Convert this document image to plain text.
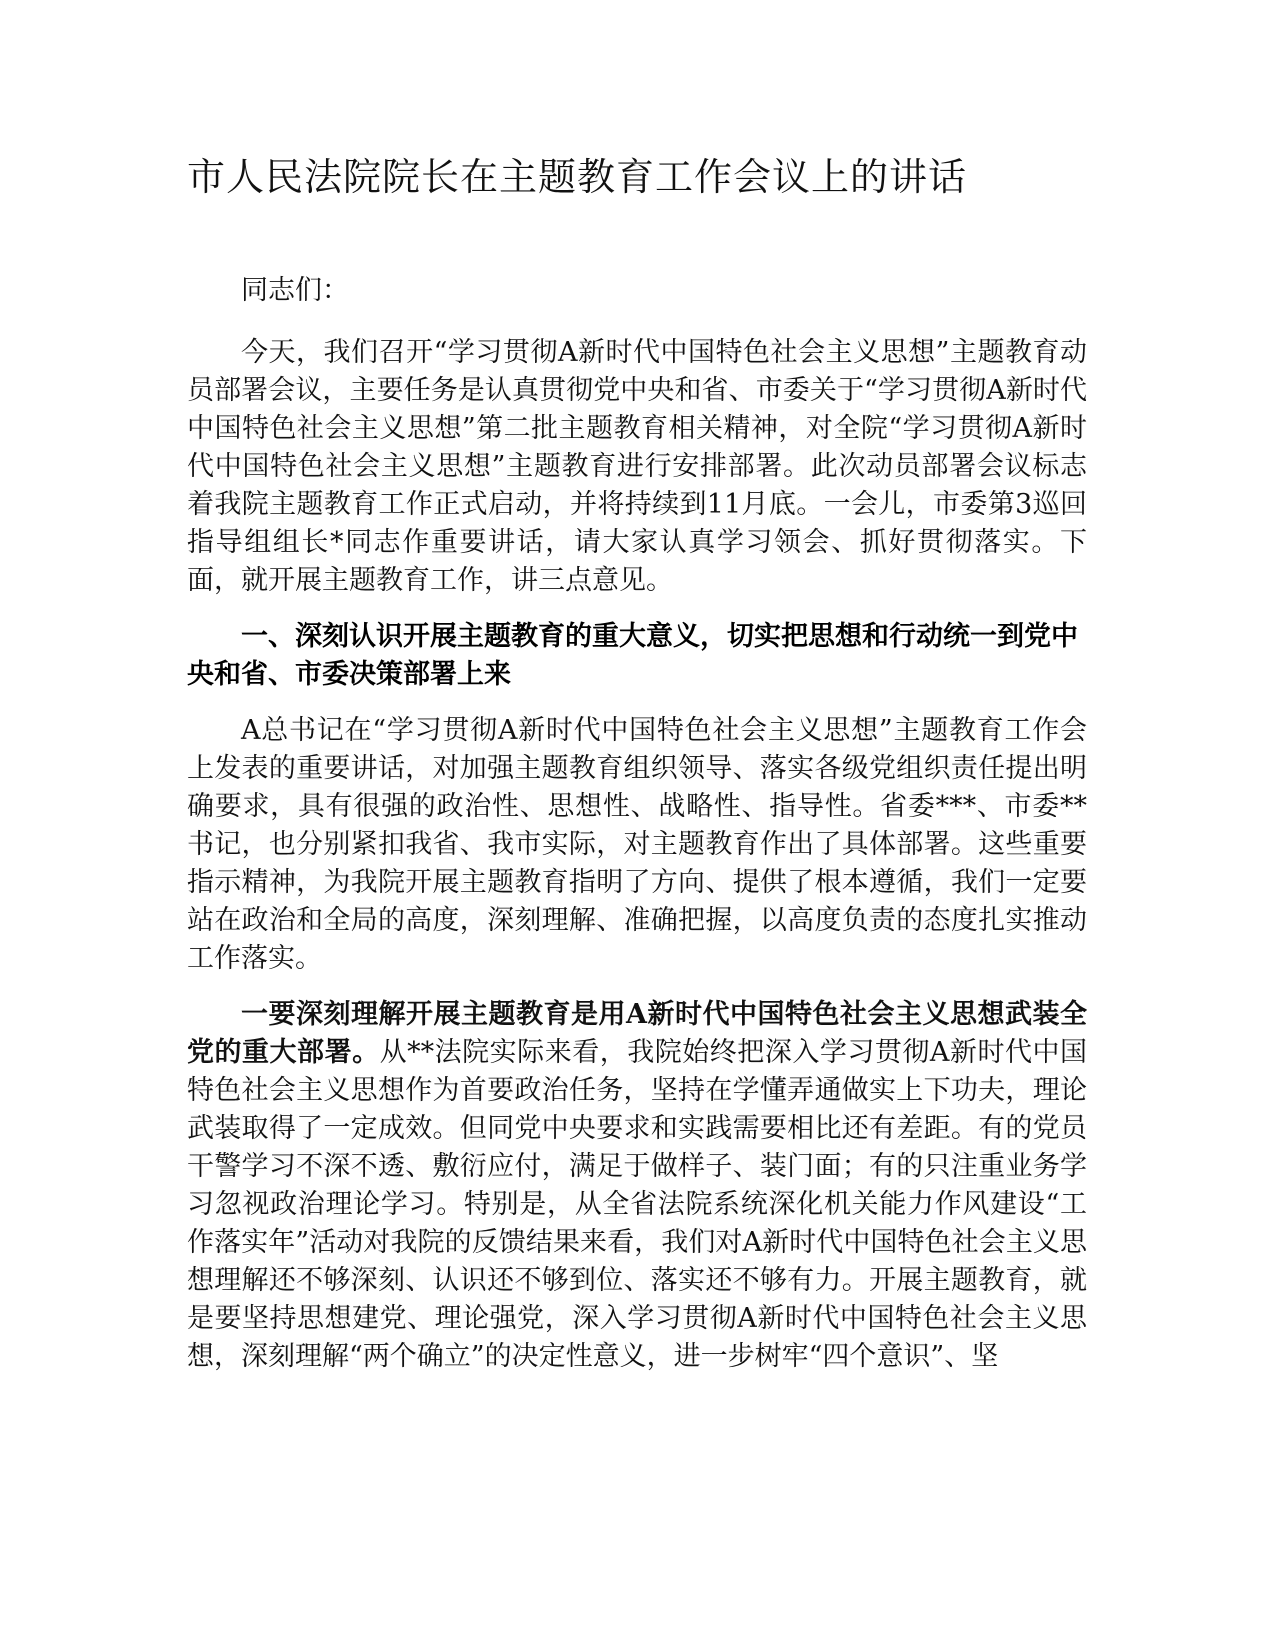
市人民法院院长在主题教育工作会议上的讲话

同志们：

今天，我们召开“学习贯彻A新时代中国特色社会主义思想”主题教育动员部署会议，主要任务是认真贯彻党中央和省、市委关于“学习贯彻A新时代中国特色社会主义思想”第二批主题教育相关精神，对全院“学习贯彻A新时代中国特色社会主义思想”主题教育进行安排部署。此次动员部署会议标志着我院主题教育工作正式启动，并将持续到11月底。一会儿，市委第3巡回指导组组长*同志作重要讲话，请大家认真学习领会、抓好贯彻落实。下面，就开展主题教育工作，讲三点意见。

一、深刻认识开展主题教育的重大意义，切实把思想和行动统一到党中央和省、市委决策部署上来

A总书记在“学习贯彻A新时代中国特色社会主义思想”主题教育工作会上发表的重要讲话，对加强主题教育组织领导、落实各级党组织责任提出明确要求，具有很强的政治性、思想性、战略性、指导性。省委***、市委**书记，也分别紧扣我省、我市实际，对主题教育作出了具体部署。这些重要指示精神，为我院开展主题教育指明了方向、提供了根本遵循，我们一定要站在政治和全局的高度，深刻理解、准确把握，以高度负责的态度扎实推动工作落实。

一要深刻理解开展主题教育是用A新时代中国特色社会主义思想武装全党的重大部署。从**法院实际来看，我院始终把深入学习贯彻A新时代中国特色社会主义思想作为首要政治任务，坚持在学懂弄通做实上下功夫，理论武装取得了一定成效。但同党中央要求和实践需要相比还有差距。有的党员干警学习不深不透、敷衍应付，满足于做样子、装门面；有的只注重业务学习忽视政治理论学习。特别是，从全省法院系统深化机关能力作风建设“工作落实年”活动对我院的反馈结果来看，我们对A新时代中国特色社会主义思想理解还不够深刻、认识还不够到位、落实还不够有力。开展主题教育，就是要坚持思想建党、理论强党，深入学习贯彻A新时代中国特色社会主义思想，深刻理解“两个确立”的决定性意义，进一步树牢“四个意识”、坚
